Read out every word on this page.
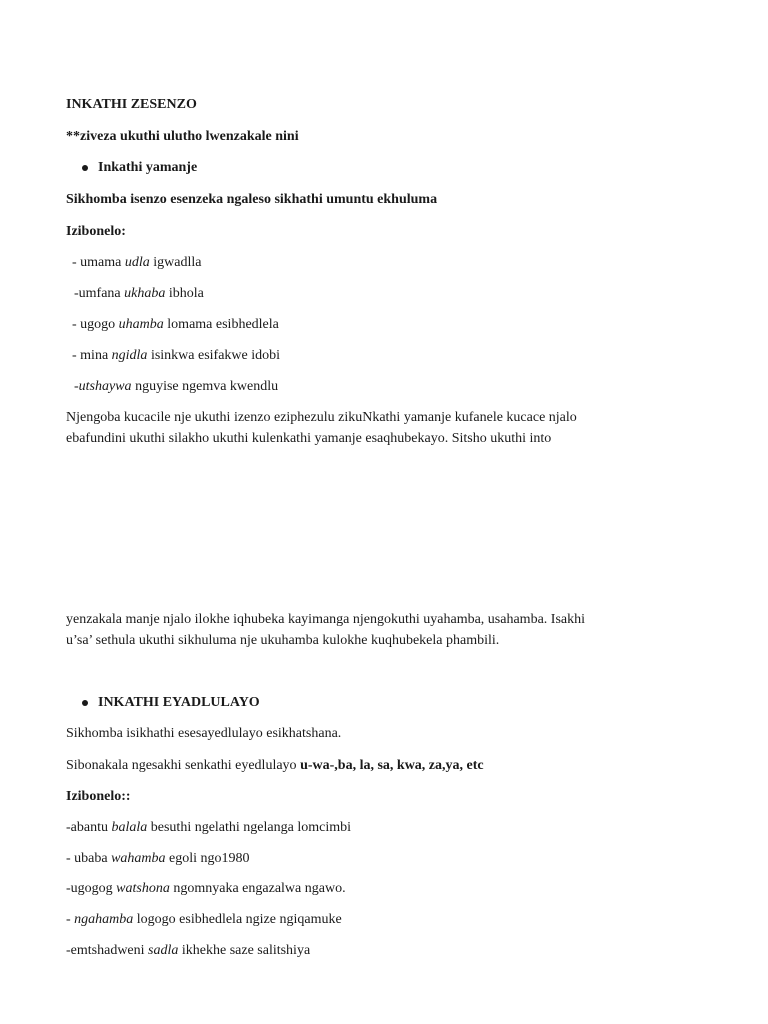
INKATHI ZESENZO
**ziveza ukuthi ulutho lwenzakale nini
Inkathi yamanje
Sikhomba isenzo esenzeka ngaleso sikhathi umuntu ekhuluma
Izibonelo:
- umama udla igwadlla
-umfana ukhaba ibhola
- ugogo uhamba lomama esibhedlela
- mina ngidla isinkwa esifakwe idobi
-utshaywa nguyise ngemva kwendlu
Njengoba kucacile nje ukuthi izenzo eziphezulu zikuNkathi yamanje kufanele kucace njalo
ebafundini ukuthi silakho ukuthi kulenkathi yamanje esaqhubekayo. Sitsho ukuthi into
yenzakala manje njalo ilokhe iqhubeka kayimanga njengokuthi uyahamba, usahamba. Isakhi
u’sa’ sethula ukuthi sikhuluma nje ukuhamba kulokhe kuqhubekela phambili.
INKATHI EYADLULAYO
Sikhomba isikhathi esesayedlulayo esikhatshana.
Sibonakala ngesakhi senkathi eyedlulayo u-wa-,ba, la, sa, kwa, za,ya, etc
Izibonelo::
-abantu balala besuthi ngelathi ngelanga lomcimbi
- ubaba wahamba egoli ngo1980
-ugogog watshona ngomnyaka engazalwa ngawo.
- ngahamba logogo esibhedlela ngize ngiqamuke
-emtshadweni sadla ikhekhe saze salitshiya
